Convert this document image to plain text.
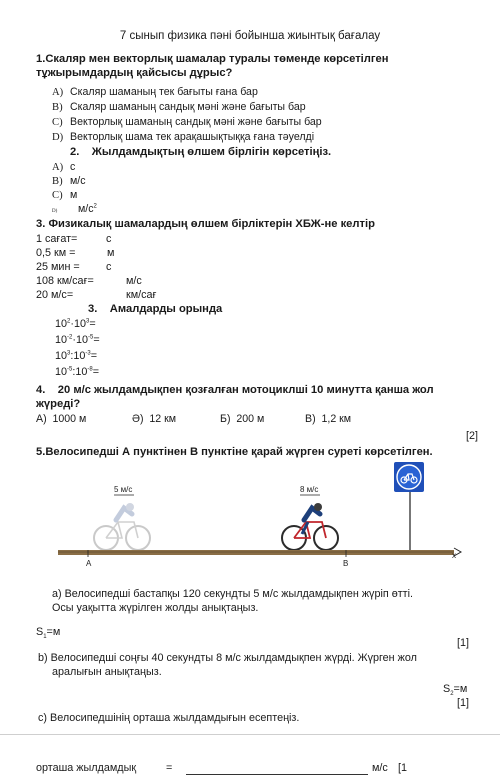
7 сынып физика пәні бойынша жиынтық бағалау
1.Скаляр мен векторлық шамалар туралы төменде көрсетілген
тұжырымдардың қайсысы дұрыс?
A) Скаляр шаманың тек бағыты ғана бар
B) Скаляр шаманың сандық мәні және бағыты бар
C) Векторлық шаманың сандық мәні және бағыты бар
D) Векторлық шама тек арақашықтыққа ғана тәуелді
2. Жылдамдықтың өлшем бірлігін көрсетіңіз.
A) с
B) м/с
C) м
D) $м/с^2$
3. Физикалық шамалардың өлшем бірліктерін ХБЖ-не келтір
1 сағат=	с
0,5 км =	м
25 мин = с
108 км/сағ=	м/с
20 м/с=	км/сағ
3. Амалдарды орында
$10^2\cdot 10^3=$
$10^{-2}\cdot 10^{-5}=$
$10^3:10^{-3}=$
$10^{-5}:10^{-8}=$
4. 20 м/с жылдамдықпен қозғалған мотоциклші 10 минутта қанша жол
жүреді?
А) 1000 м	Ә) 12 км	Б) 200 м	В) 1,2 км
[2]
5.Велосипедші А пунктінен В пунктіне қарай жүрген суреті көрсетілген.
5 м/с	8 м/с
x
А	В
a) Велосипедші бастапқы 120 секундты 5 м/с жылдамдықпен жүріп өтті.
Осы уақытта жүрілген жолды анықтаңыз.
$S_1=м$
[1]
b) Велосипедші соңғы 40 секундты 8 м/с жылдамдықпен жүрді. Жүрген жол
аралығын анықтаңыз.
$S_2=м$
[1]
c) Велосипедшінің орташа жылдамдығын есептеңіз.
орташа жылдамдық	=	м/с [1
